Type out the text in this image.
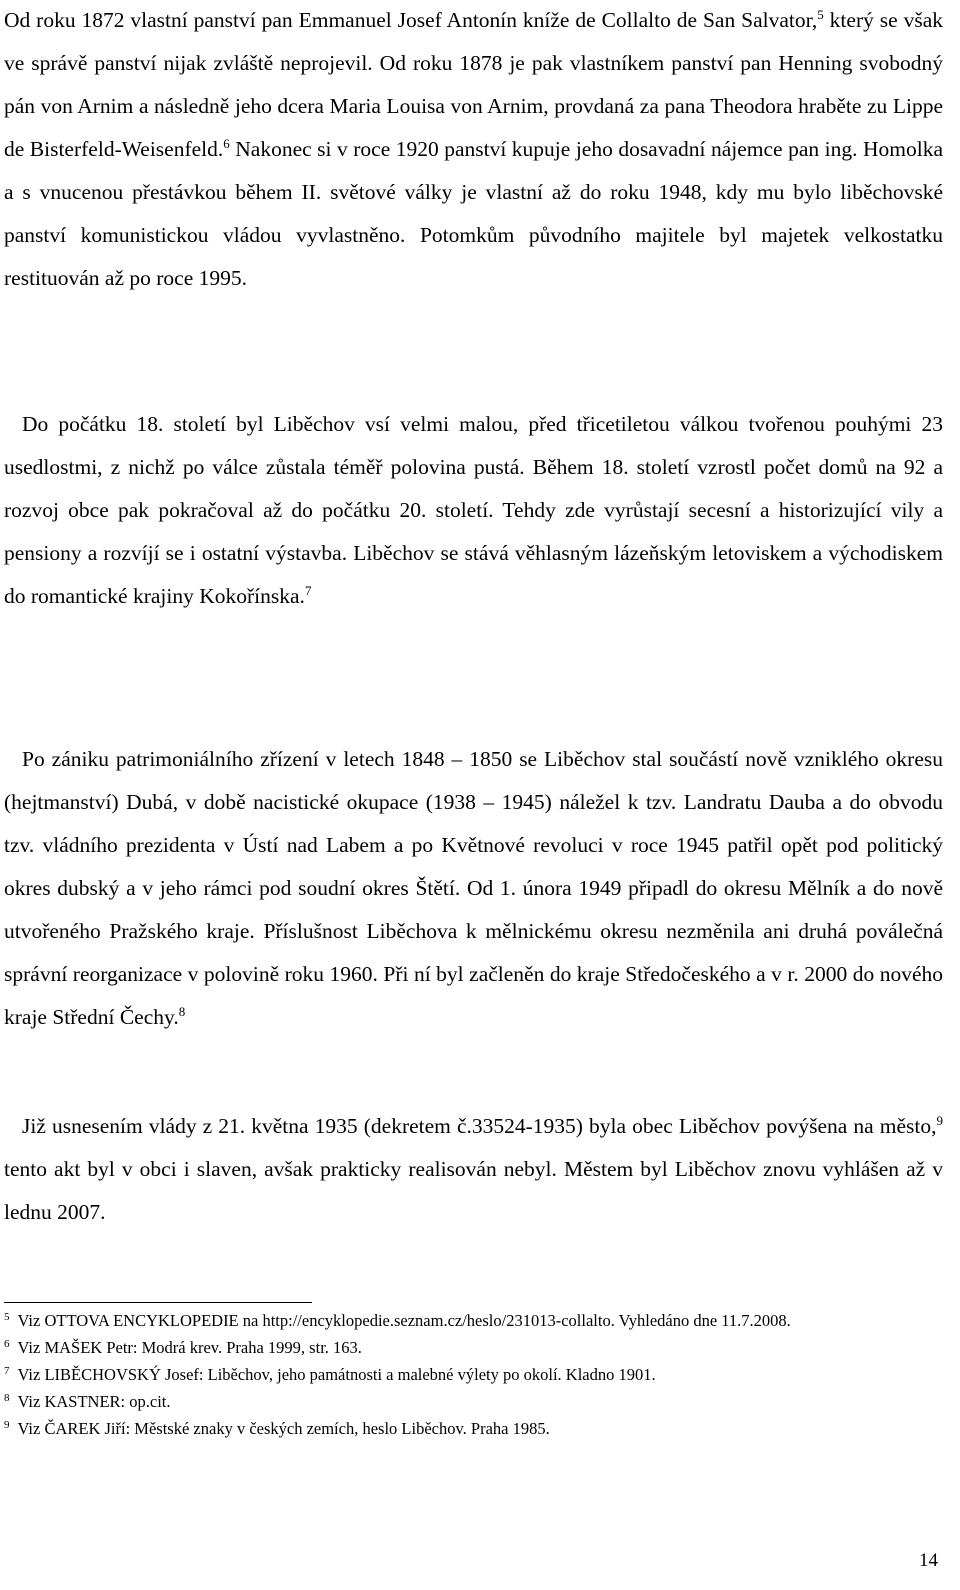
Od roku 1872 vlastní panství pan Emmanuel Josef Antonín kníže de Collalto de San Salvator,$^5$ který se však ve správě panství nijak zvláště neprojevil. Od roku 1878 je pak vlastníkem panství pan Henning svobodný pán von Arnim a následně jeho dcera Maria Louisa von Arnim, provdaná za pana Theodora hraběte zu Lippe de Bisterfeld-Weisenfeld.$^6$ Nakonec si v roce 1920 panství kupuje jeho dosavadní nájemce pan ing. Homolka a s vnucenou přestávkou během II. světové války je vlastní až do roku 1948, kdy mu bylo liběchovské panství komunistickou vládou vyvlastněno. Potomkům původního majitele byl majetek velkostatku restituován až po roce 1995.

Do počátku 18. století byl Liběchov vsí velmi malou, před třicetiletou válkou tvořenou pouhými 23 usedlostmi, z nichž po válce zůstala téměř polovina pustá. Během 18. století vzrostl počet domů na 92 a rozvoj obce pak pokračoval až do počátku 20. století. Tehdy zde vyrůstají secesní a historizující vily a pensiony a rozvíjí se i ostatní výstavba. Liběchov se stává věhlasným lázeňským letoviskem a východiskem do romantické krajiny Kokořínska.$^7$

Po zániku patrimoniálního zřízení v letech 1848 – 1850 se Liběchov stal součástí nově vzniklého okresu (hejtmanství) Dubá, v době nacistické okupace (1938 – 1945) náležel k tzv. Landratu Dauba a do obvodu tzv. vládního prezidenta v Ústí nad Labem a po Květnové revoluci v roce 1945 patřil opět pod politický okres dubský a v jeho rámci pod soudní okres Štětí. Od 1. února 1949 připadl do okresu Mělník a do nově utvořeného Pražského kraje. Příslušnost Liběchova k mělnickému okresu nezměnila ani druhá poválečná správní reorganizace v polovině roku 1960. Při ní byl začleněn do kraje Středočeského a v r. 2000 do nového kraje Střední Čechy.$^8$

Již usnesením vlády z 21. května 1935 (dekretem č.33524-1935) byla obec Liběchov povýšena na město,$^9$ tento akt byl v obci i slaven, avšak prakticky realisován nebyl. Městem byl Liběchov znovu vyhlášen až v lednu 2007.

$^5$ Viz OTTOVA ENCYKLOPEDIE na http://encyklopedie.seznam.cz/heslo/231013-collalto. Vyhledáno dne 11.7.2008.

$^6$ Viz MAŠEK Petr: Modrá krev. Praha 1999, str. 163.

$^7$ Viz LIBĚCHOVSKÝ Josef: Liběchov, jeho památnosti a malebné výlety po okolí. Kladno 1901.

$^8$ Viz KASTNER: op.cit.

$^9$ Viz ČAREK Jiří: Městské znaky v českých zemích, heslo Liběchov. Praha 1985.

14
